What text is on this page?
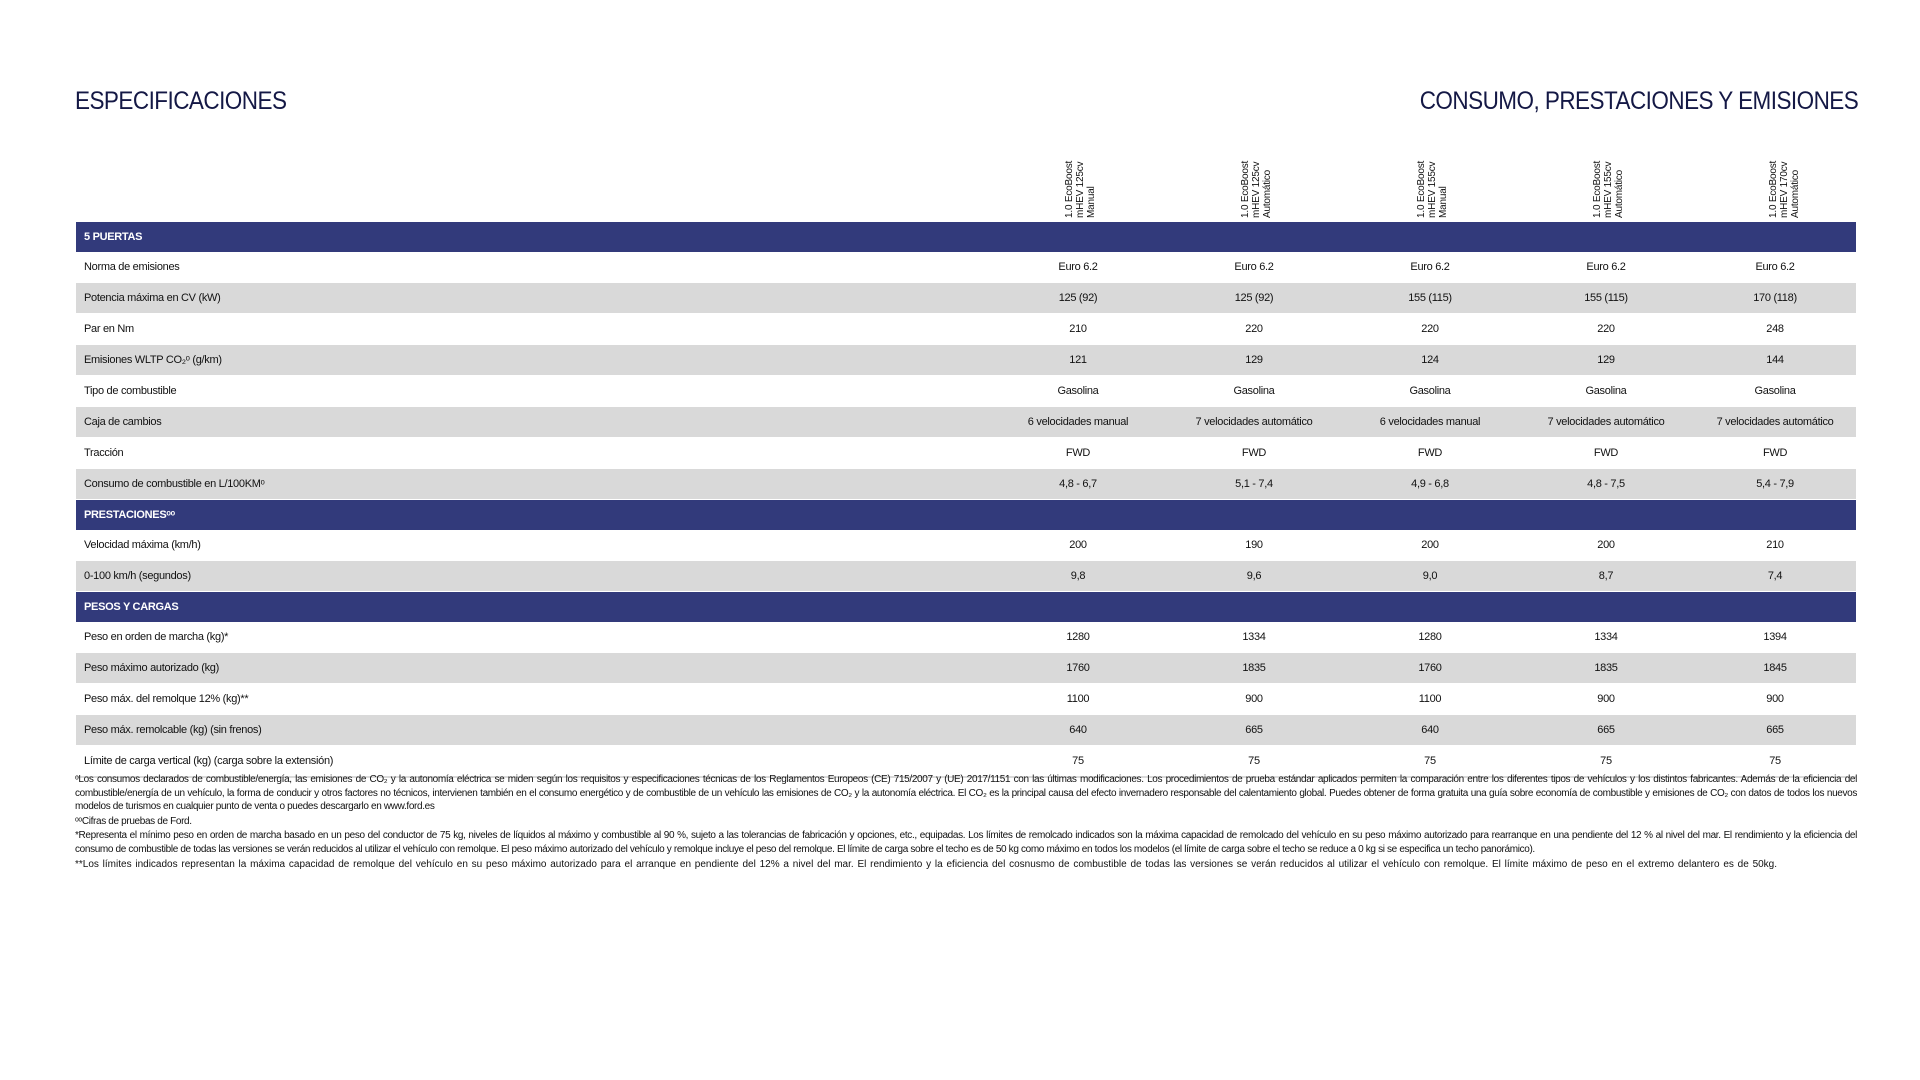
ESPECIFICACIONES	CONSUMO, PRESTACIONES Y EMISIONES
1.0 EcoBoost mHEV 125cv Manual	1.0 EcoBoost mHEV 125cv Automático	1.0 EcoBoost mHEV 155cv Manual	1.0 EcoBoost mHEV 155cv Automático	1.0 EcoBoost mHEV 170cv Automático
5 PUERTAS						
Norma de emisiones	Euro 6.2	Euro 6.2	Euro 6.2	Euro 6.2	Euro 6.2	
Potencia máxima en CV (kW)	125 (92)	125 (92)	155 (115)	155 (115)	170 (118)	
Par en Nm	210	220	220	220	248	
Emisiones WLTP CO₂ᵒ (g/km)	121	129	124	129	144	
Tipo de combustible	Gasolina	Gasolina	Gasolina	Gasolina	Gasolina	
Caja de cambios	6 velocidades manual	7 velocidades automático	6 velocidades manual	7 velocidades automático	7 velocidades automático	
Tracción	FWD	FWD	FWD	FWD	FWD	
Consumo de combustible en L/100KMᵒ	4,8 - 6,7	5,1 - 7,4	4,9 - 6,8	4,8 - 7,5	5,4 - 7,9	
PRESTACIONESᵒᵒ						
Velocidad máxima (km/h)	200	190	200	200	210	
0-100 km/h (segundos)	9,8	9,6	9,0	8,7	7,4	
PESOS Y CARGAS						
Peso en orden de marcha (kg)*	1280	1334	1280	1334	1394	
Peso máximo autorizado (kg)	1760	1835	1760	1835	1845	
Peso máx. del remolque 12% (kg)**	1100	900	1100	900	900	
Peso máx. remolcable (kg) (sin frenos)	640	665	640	665	665	
Límite de carga vertical (kg) (carga sobre la extensión)	75	75	75	75	75	

ᵒLos consumos declarados de combustible/energía, las emisiones de CO₂ y la autonomía eléctrica se miden según los requisitos y especificaciones técnicas de los Reglamentos Europeos (CE) 715/2007 y (UE) 2017/1151 con las últimas modificaciones. Los procedimientos de prueba estándar aplicados permiten la comparación entre los diferentes tipos de vehículos y los distintos fabricantes. Además de la eficiencia del combustible/energía de un vehículo, la forma de conducir y otros factores no técnicos, intervienen también en el consumo energético y de combustible de un vehículo las emisiones de CO₂ y la autonomía eléctrica. El CO₂ es la principal causa del efecto invernadero responsable del calentamiento global. Puedes obtener de forma gratuita una guía sobre economía de combustible y emisiones de CO₂ con datos de todos los nuevos modelos de turismos en cualquier punto de venta o puedes descargarlo en www.ford.es

ᵒᵒCifras de pruebas de Ford.

*Representa el mínimo peso en orden de marcha basado en un peso del conductor de 75 kg, niveles de líquidos al máximo y combustible al 90 %, sujeto a las tolerancias de fabricación y opciones, etc., equipadas. Los límites de remolcado indicados son la máxima capacidad de remolcado del vehículo en su peso máximo autorizado para rearranque en una pendiente del 12 % al nivel del mar. El rendimiento y la eficiencia del consumo de combustible de todas las versiones se verán reducidos al utilizar el vehículo con remolque. El peso máximo autorizado del vehículo y remolque incluye el peso del remolque. El límite de carga sobre el techo es de 50 kg como máximo en todos los modelos (el límite de carga sobre el techo se reduce a 0 kg si se especifica un techo panorámico).

**Los límites indicados representan la máxima capacidad de remolque del vehículo en su peso máximo autorizado para el arranque en pendiente del 12% a nivel del mar. El rendimiento y la eficiencia del cosnusmo de combustible de todas las versiones se verán reducidos al utilizar el vehículo con remolque. El límite máximo de peso en el extremo delantero es de 50kg.
